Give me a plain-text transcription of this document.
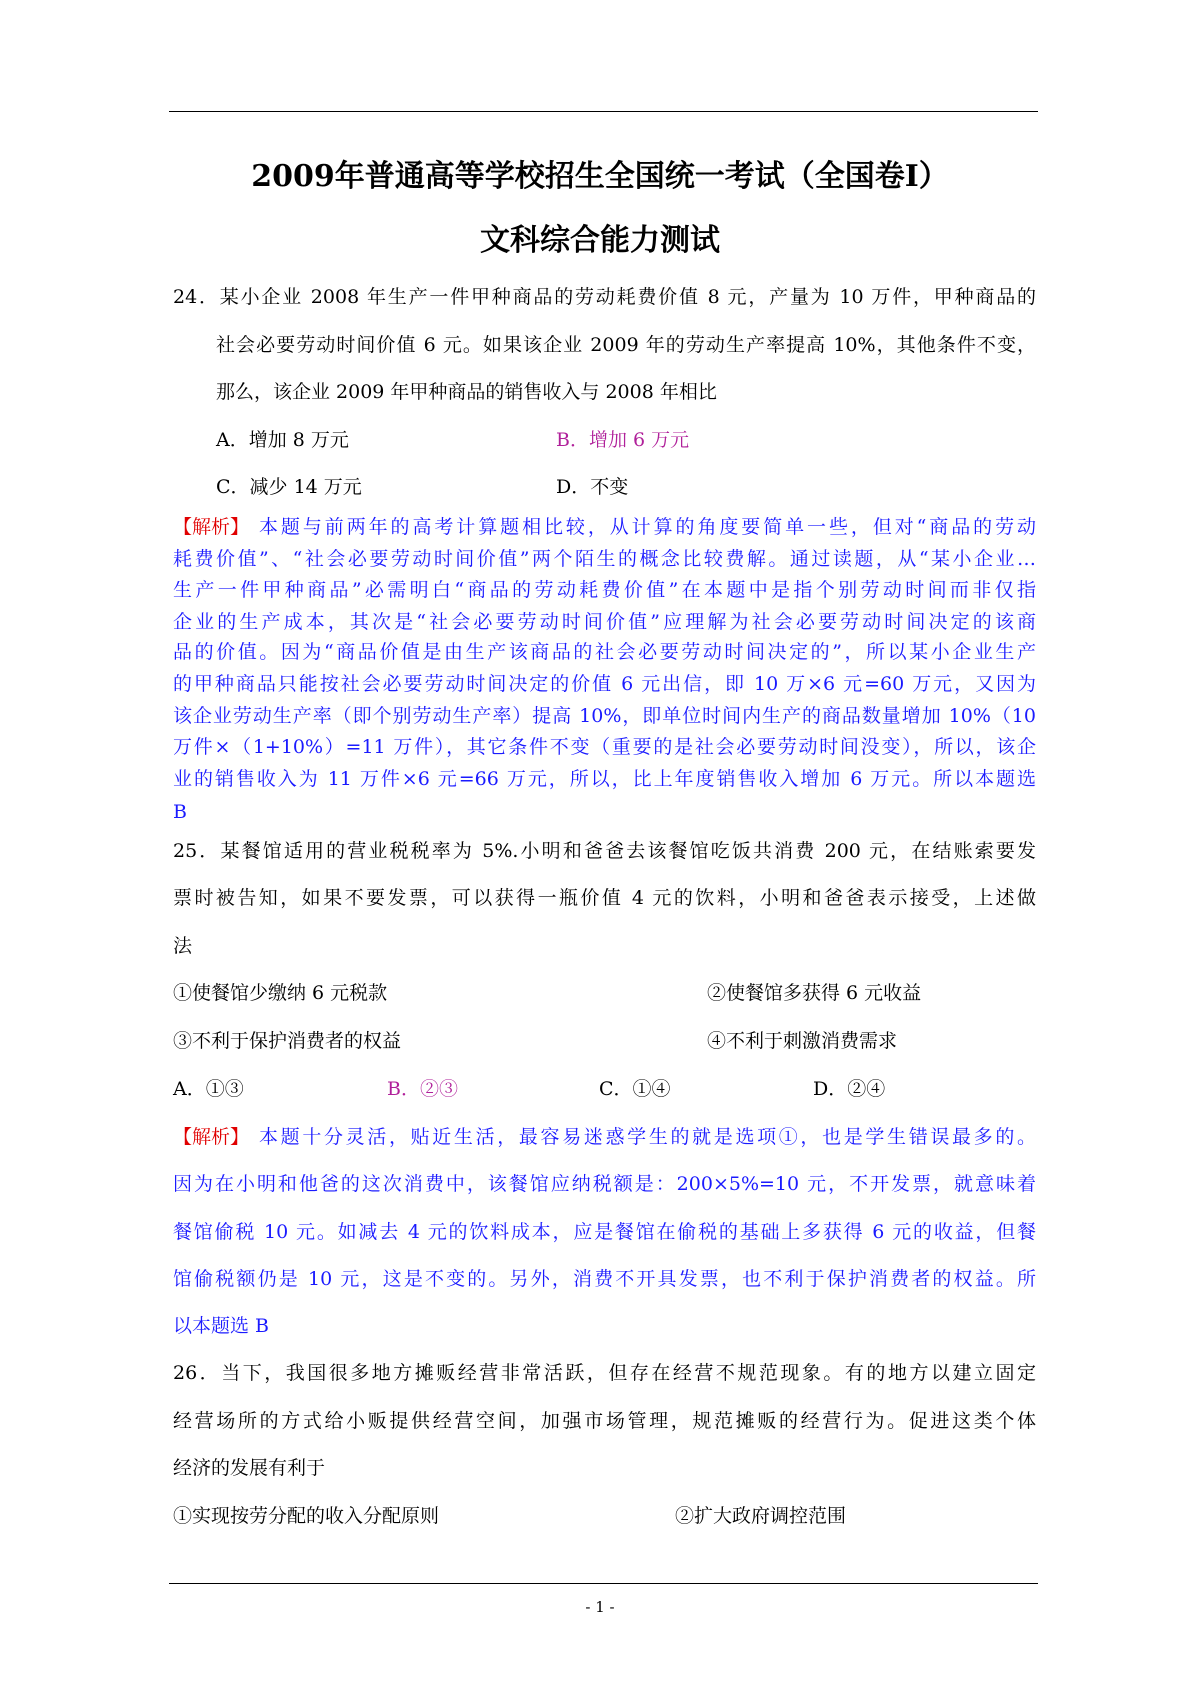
2009年普通高等学校招生全国统一考试（全国卷Ⅰ）
文科综合能力测试
24．某小企业 2008 年生产一件甲种商品的劳动耗费价值 8 元，产量为 10 万件，甲种商品的
社会必要劳动时间价值 6 元。如果该企业 2009 年的劳动生产率提高 10%，其他条件不变，
那么，该企业 2009 年甲种商品的销售收入与 2008 年相比
A．增加 8 万元	B．增加 6 万元
C．减少 14 万元	D．不变
【解析】 本题与前两年的高考计算题相比较，从计算的角度要简单一些，但对“商品的劳动
耗费价值”、“社会必要劳动时间价值”两个陌生的概念比较费解。通过读题，从“某小企业…
生产一件甲种商品”必需明白“商品的劳动耗费价值”在本题中是指个别劳动时间而非仅指
企业的生产成本，其次是“社会必要劳动时间价值”应理解为社会必要劳动时间决定的该商
品的价值。因为“商品价值是由生产该商品的社会必要劳动时间决定的”，所以某小企业生产
的甲种商品只能按社会必要劳动时间决定的价值 6 元出信，即 10 万×6 元=60 万元，又因为
该企业劳动生产率（即个别劳动生产率）提高 10%，即单位时间内生产的商品数量增加 10%（10
万件×（1+10%）=11 万件），其它条件不变（重要的是社会必要劳动时间没变），所以，该企
业的销售收入为 11 万件×6 元=66 万元，所以，比上年度销售收入增加 6 万元。所以本题选
B
25．某餐馆适用的营业税税率为 5%.小明和爸爸去该餐馆吃饭共消费 200 元，在结账索要发
票时被告知，如果不要发票，可以获得一瓶价值 4 元的饮料，小明和爸爸表示接受，上述做
法
①使餐馆少缴纳 6 元税款	②使餐馆多获得 6 元收益
③不利于保护消费者的权益	④不利于刺激消费需求
A．①③	B．②③	C．①④	D．②④
【解析】 本题十分灵活，贴近生活，最容易迷惑学生的就是选项①，也是学生错误最多的。
因为在小明和他爸的这次消费中，该餐馆应纳税额是：200×5%=10 元，不开发票，就意味着
餐馆偷税 10 元。如减去 4 元的饮料成本，应是餐馆在偷税的基础上多获得 6 元的收益，但餐
馆偷税额仍是 10 元，这是不变的。另外，消费不开具发票，也不利于保护消费者的权益。所
以本题选 B
26．当下，我国很多地方摊贩经营非常活跃，但存在经营不规范现象。有的地方以建立固定
经营场所的方式给小贩提供经营空间，加强市场管理，规范摊贩的经营行为。促进这类个体
经济的发展有利于
①实现按劳分配的收入分配原则	②扩大政府调控范围
- 1 -
